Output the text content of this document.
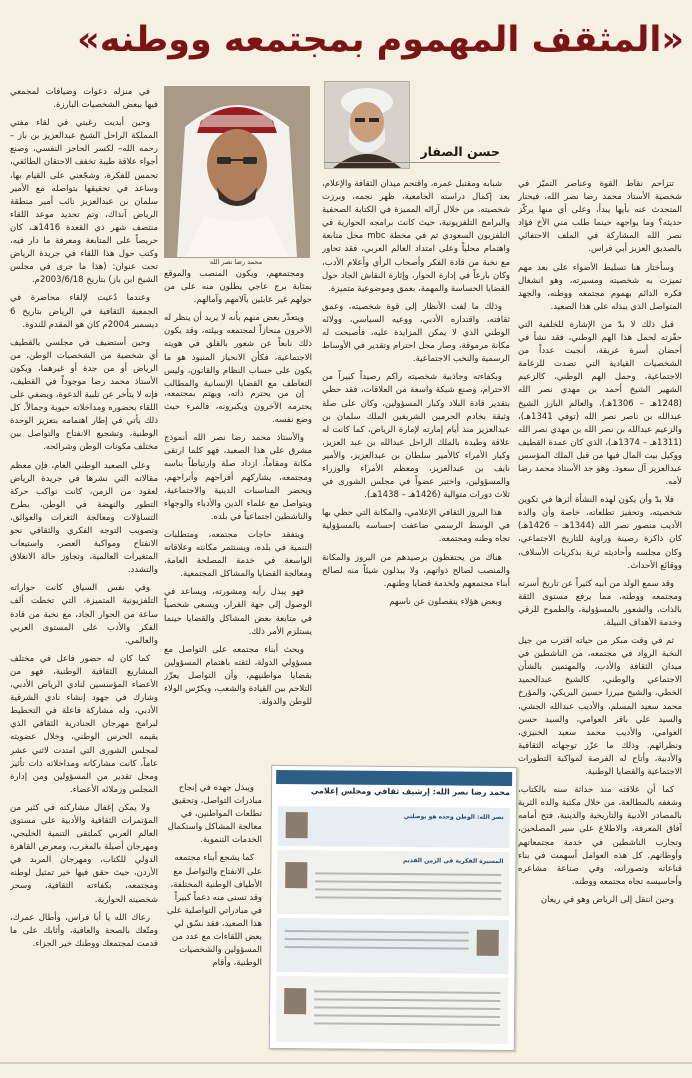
«المثقف المهموم بمجتمعه ووطنه»
حسن الصفار
محمد رضا نصر الله

تتزاحم نقاط القوة وعناصر التميّز في شخصية الأستاذ محمد رضا نصر الله، فيحتار المتحدث عنه بأيها يبدأ، وعلى أي منها يركّز حديثه؟ وما يواجهه حينما طلب مني الأخ فؤاد نصر الله المشاركة في الملف الاحتفائي بالصديق العزيز أبي فراس.

وسأختار هنا تسليط الأضواء على بعد مهم تميزت به شخصيته ومسيرته، وهو انشغال فكره الدائم بهموم مجتمعه ووطنه، والجهد المتواصل الذي يبذله على هذا الصعيد.

قبل ذلك لا بدّ من الإشارة للخلفية التي حفّزته لحمل هذا الهم الوطني، فقد نشأ في أحضان أسرة عريقة، أنجبت عدداً من الشخصيات القيادية التي تصدت للزعامة الاجتماعية، وحمل الهم الوطني، كالزعيم الشهير الشيخ أحمد بن مهدي نصر الله (1248هـ – 1306هـ)، والعالم البارز الشيخ عبدالله بن ناصر نصر الله (توفي 1341هـ)، والزعيم عبدالله بن نصر الله بن مهدي نصر الله (1311هـ – 1374هـ)، الذي كان عمدة القطيف ووكيل بيت المال فيها من قبل الملك المؤسس عبدالعزيز آل سعود. وهو جد الأستاذ محمد رضا لأمه.

فلا بدّ وأن يكون لهذه النشأة أثرها في تكوين شخصيته، وتحفيز تطلعاته، خاصة وأن والده الأديب منصور نصر الله (1344هـ – 1426هـ) كان ذاكرة رصينة وراوية للتاريخ الاجتماعي، وكان مجلسه وأحاديثه ثرية بذكريات الأسلاف، ووقائع الأحداث.

وقد سمع الولد من أبيه كثيراً عن تاريخ أسرته ومجتمعه ووطنه، مما يرفع مستوى الثقة بالذات، والشعور بالمسؤولية، والطموح للرقي وخدمة الأهداف النبيلة.

ثم في وقت مبكر من حياته اقترب من جيل النخبة الرواد في مجتمعه، من الناشطين في ميدان الثقافة والأدب، والمهتمين بالشأن الاجتماعي والوطني، كالشيخ عبدالحميد الخطي، والشيخ ميرزا حسين البريكي، والمؤرخ محمد سعيد المسلم، والأديب عبدالله الجشي، والسيد علي باقر العوامي، والسيد حسن العوامي، والأديب محمد سعيد الخنيزي، ونظرائهم. وذلك ما عزّز توجهاته الثقافية والأدبية، وأتاح له الفرصة لمواكبة التطورات الاجتماعية والقضايا الوطنية.

كما أن علاقته منذ حداثة سنه بالكتاب، وشغفه بالمطالعة، من خلال مكتبة والده الثرية بالمصادر الأدبية والتاريخية والدينية، فتح أمامه آفاق المعرفة، والاطلاع على سير المصلحين، وتجارب الناشطين في خدمة مجتمعاتهم وأوطانهم. كل هذه العوامل أسهمت في بناء قناعاته وتصوراته، وفي صناعة مشاعره وأحاسيسه تجاه مجتمعه ووطنه.

وحين انتقل إلى الرياض وهو في ريعان

شبابه ومقتبل عمره، واقتحم ميدان الثقافة والإعلام، بعد إكمال دراسته الجامعية، ظهر نجمه، وبرزت شخصيته، من خلال آرائه المميزة في الكتابة الصحفية والبرامج التلفزيونية، حيث كانت برامجه الحوارية في التلفزيون السعودي ثم في محطة mbc محل متابعة واهتمام محلياً وعلى امتداد العالم العربي، فقد تحاور مع نخبة من قادة الفكر وأصحاب الرأي وأعلام الأدب، وكان بارعاً في إدارة الحوار، وإثارة النقاش الجاد حول القضايا الحساسة والمهمة، بعمق وموضوعية متميزة.

وذلك ما لفت الأنظار إلى قوة شخصيته، وعمق ثقافته، واقتداره الأدبي، ووعيه السياسي، وولائه الوطني الذي لا يمكن المزايدة عليه، فأصبحت له مكانة مرموقة، وصار محل احترام وتقدير في الأوساط الرسمية والنخب الاجتماعية.

وبكفاءته وجاذبية شخصيته راكم رصيداً كبيراً من الاحترام، وصنع شبكة واسعة من العلاقات، فقد حظي بتقدير قادة البلاد وكبار المسؤولين، وكان على صلة وثيقة بخادم الحرمين الشريفين الملك سلمان بن عبدالعزيز منذ أيام إمارته لإمارة الرياض، كما كانت له علاقة وطيدة بالملك الراحل عبدالله بن عبد العزيز، وكبار الأمراء كالأمير سلطان بن عبدالعزيز، والأمير نايف بن عبدالعزيز، ومعظم الأمراء والوزراء والمسؤولين، واختير عضواً في مجلس الشورى في ثلاث دورات متوالية (1426هـ – 1438هـ).

هذا البروز الثقافي الإعلامي، والمكانة التي حظي بها في الوسط الرسمي ضاعفت إحساسه بالمسؤولية تجاه وطنه ومجتمعه.

هناك من يحتفظون برصيدهم من البروز والمكانة والمنصب لصالح ذواتهم، ولا يبذلون شيئاً منه لصالح أبناء مجتمعهم ولخدمة قضايا وطنهم.

وبعض هؤلاء ينفصلون عن ناسهم

ومجتمعهم، ويكون المنصب والموقع بمثابة برج عاجي يطلون منه على من حولهم غير عابئين بآلامهم وآمالهم.

ويتعذّر بعض منهم بأنه لا يريد أن ينظر له الآخرون منحازاً لمجتمعه وبيئته، وقد يكون ذلك نابعاً عن شعور بالقلق في هويته الاجتماعية، فكأن الانحياز المنبوذ هو ما يكون على حساب النظام والقانون، وليس التعاطف مع القضايا الإنسانية والمطالب

إن من يحترم ذاته، ويهتم بمجتمعه، يحترمه الآخرون ويكبرونه، فالمرء حيث وضع نفسه.

والأستاذ محمد رضا نصر الله أنموذج مشرق على هذا الصعيد، فهو كلما ارتقى مكانة ومقاماً، ازداد صلة وارتباطاً بناسه ومجتمعه، يشاركهم أفراحهم وأتراحهم، ويحضر المناسبات الدينية والاجتماعية، ويتواصل مع علماء الدين والأدباء والوجهاء والناشطين اجتماعياً في بلده.

ويتفقد حاجات مجتمعه، ومتطلبات التنمية في بلده، ويستثمر مكانته وعلاقاته الواسعة في خدمة المصلحة العامة، ومعالجة القضايا والمشاكل المجتمعية.

فهو يبذل رأيه ومشورته، ويساعد في الوصول إلى جهة القرار، ويسعى شخصياً في متابعة بعض المشاكل والقضايا حينما يستلزم الأمر ذلك.

ويحث أبناء مجتمعه على التواصل مع مسؤولي الدولة، لثقته باهتمام المسؤولين بقضايا مواطنيهم، وأن التواصل يعزّز التلاحم بين القيادة والشعب، ويكرّس الولاء للوطن والدولة.

ويبذل جهده في إنجاح مبادرات التواصل، وتحقيق تطلعات المواطنين، في معالجة المشاكل واستكمال الخدمات التنموية.

كما يشجع أبناء مجتمعه على الانفتاح والتواصل مع الأطياف الوطنية المختلفة، وقد تسنى منه دعماً كبيراً في مبادراتي التواصلية على هذا الصعيد، فقد نسّق لي بعض اللقاءات مع عدد من المسؤولين والشخصيات الوطنية، وأقام

في منزله دعوات وضيافات لمجمعي فيها ببعض الشخصيات البارزة.

وحين أبديت رغبتي في لقاء مفتي المملكة الراحل الشيخ عبدالعزيز بن باز –رحمه الله– لكسر الحاجز النفسي، وصنع أجواء علاقة طيبة تخفف الاحتقان الطائفي، تحمس للفكرة، وشجّعني على القيام بها، وساعد في تحقيقها بتواصله مع الأمير سلمان بن عبدالعزيز نائب أمير منطقة الرياض آنذاك، وتم تحديد موعد اللقاء منتصف شهر ذي القعدة 1416هـ، كان حريصاً على المتابعة ومعرفة ما دار فيه، وكتب حول هذا اللقاء في جريدة الرياض تحت عنوان: (هذا ما جرى في مجلس الشيخ ابن باز) بتاريخ 2003/6/18م.

وعندما دُعيت لإلقاء محاضرة في الجمعية الثقافية في الرياض بتاريخ 6 ديسمبر 2004م كان هو المقدم للندوة.

وحين أستضيف في مجلسي بالقطيف أي شخصية من الشخصيات الوطن، من الرياض أو من جدة أو غيرهما، ويكون الأستاذ محمد رضا موجوداً في القطيف، فإنه لا يتأخر عن تلبية الدعوة، ويضفي على اللقاء بحضوره ومداخلاته حيوية وجمالاً. كل ذلك يأتي في إطار اهتمامه بتعزيز الوحدة الوطنية، وتشجيع الانفتاح والتواصل بين مختلف مكونات الوطن وشرائحه.

وعلى الصعيد الوطني العام، فإن معظم مقالاته التي نشرها في جريدة الرياض لعقود من الزمن، كانت تواكب حركة التطور والنهضة في الوطن، بطرح التساؤلات ومعالجة الثغرات والعوائق، وتصويب التوجه الفكري والثقافي نحو الانفتاح ومواكبة العصر، واستيعاب المتغيرات العالمية، وتجاوز حالة الانغلاق والتشدد.

وفي نفس السياق كانت حواراته التلفزيونية المتميزة، التي تخطت ألف ساعة من الحوار الجاد، مع نخبة من قادة الفكر والأدب على المستوى العربي والعالمي.

كما كان له حضور فاعل في مختلف المشاريع الثقافية الوطنية، فهو من الأعضاء المؤسسين لنادي الرياض الأدبي، وشارك في جهود إنشاء نادي الشرقية الأدبي، وله مشاركة فاعلة في التخطيط لبرامج مهرجان الجنادرية الثقافي الذي يقيمه الحرس الوطني، وخلال عضويته لمجلس الشورى التي امتدت لاثني عشر عاماً، كانت مشاركاته ومداخلاته ذات تأثير ومحل تقدير من المسؤولين ومن إدارة المجلس وزملائه الأعضاء.

ولا يمكن إغفال مشاركته في كثير من المؤتمرات الثقافية والأدبية على مستوى العالم العربي كملتقى التنمية الخليجي، ومهرجان أصيلة بالمغرب، ومعرض القاهرة الدولي للكتاب، ومهرجان المربد في الأردن، حيث حقق فيها خير تمثيل لوطنه ومجتمعه، بكفاءته الثقافية، وسحر شخصيته الحوارية.

رعاك الله يا أبا فراس، وأطال عمرك، ومتّعك بالصحة والعافية، وأثابك على ما قدمت لمجتمعك ووطنك خير الجزاء.

محمد رضا نصر الله: إرشيف ثقافي ومجلس إعلامي
نصر الله: الوطن وحده هو بوصلتي
المسيرة الفكرية في الزمن القديم
